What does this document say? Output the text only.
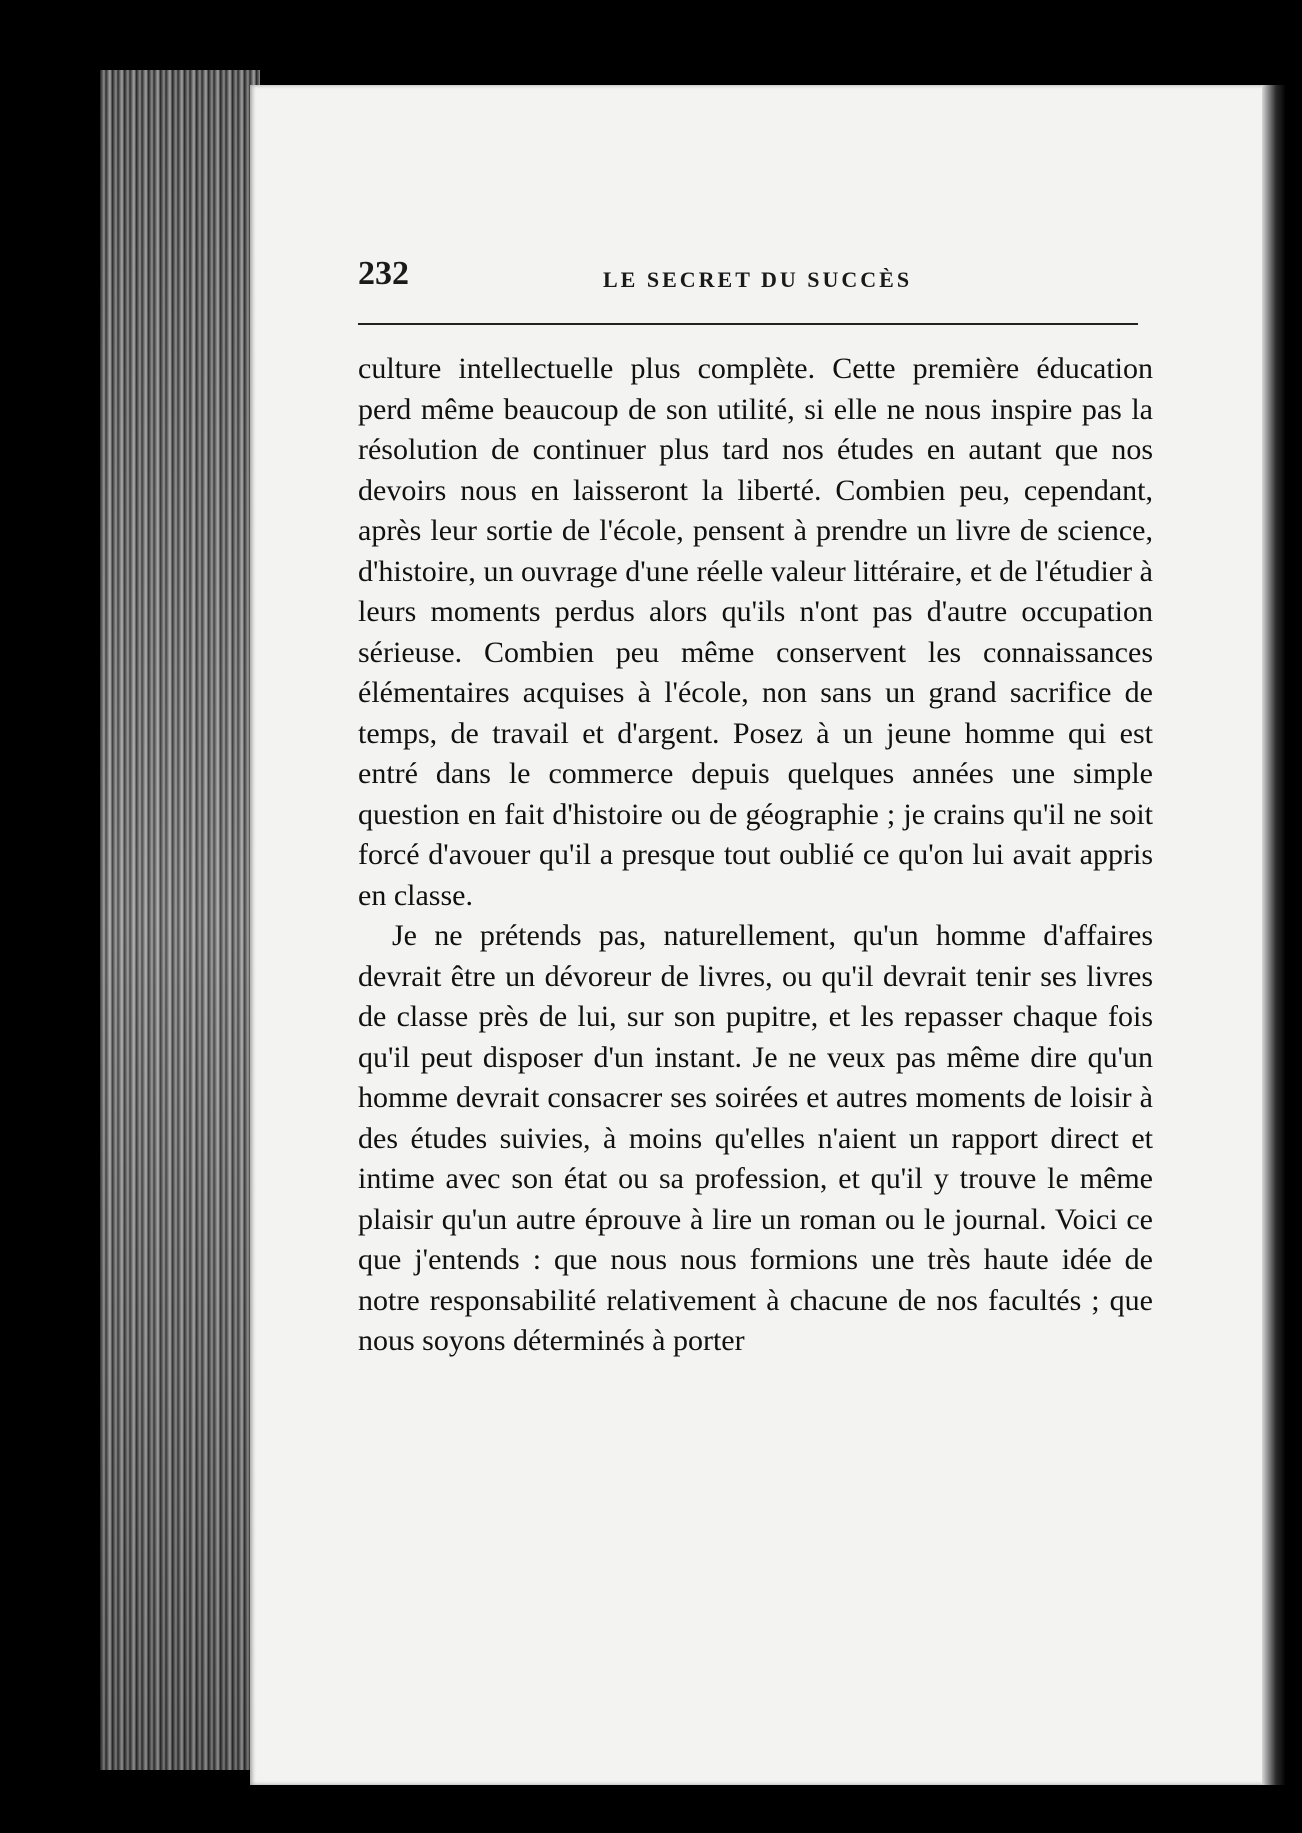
232	LE SECRET DU SUCCÈS

culture intellectuelle plus complète. Cette première éducation perd même beaucoup de son utilité, si elle ne nous inspire pas la résolution de continuer plus tard nos études en autant que nos devoirs nous en laisseront la liberté. Combien peu, cependant, après leur sortie de l'école, pensent à prendre un livre de science, d'histoire, un ouvrage d'une réelle valeur littéraire, et de l'étudier à leurs moments perdus alors qu'ils n'ont pas d'autre occupation sérieuse. Combien peu même conservent les connaissances élémentaires acquises à l'école, non sans un grand sacrifice de temps, de travail et d'argent. Posez à un jeune homme qui est entré dans le commerce depuis quelques années une simple question en fait d'histoire ou de géographie ; je crains qu'il ne soit forcé d'avouer qu'il a presque tout oublié ce qu'on lui avait appris en classe.

Je ne prétends pas, naturellement, qu'un homme d'affaires devrait être un dévoreur de livres, ou qu'il devrait tenir ses livres de classe près de lui, sur son pupitre, et les repasser chaque fois qu'il peut disposer d'un instant. Je ne veux pas même dire qu'un homme devrait consacrer ses soirées et autres moments de loisir à des études suivies, à moins qu'elles n'aient un rapport direct et intime avec son état ou sa profession, et qu'il y trouve le même plaisir qu'un autre éprouve à lire un roman ou le journal. Voici ce que j'entends : que nous nous formions une très haute idée de notre responsabilité relativement à chacune de nos facultés ; que nous soyons déterminés à porter
